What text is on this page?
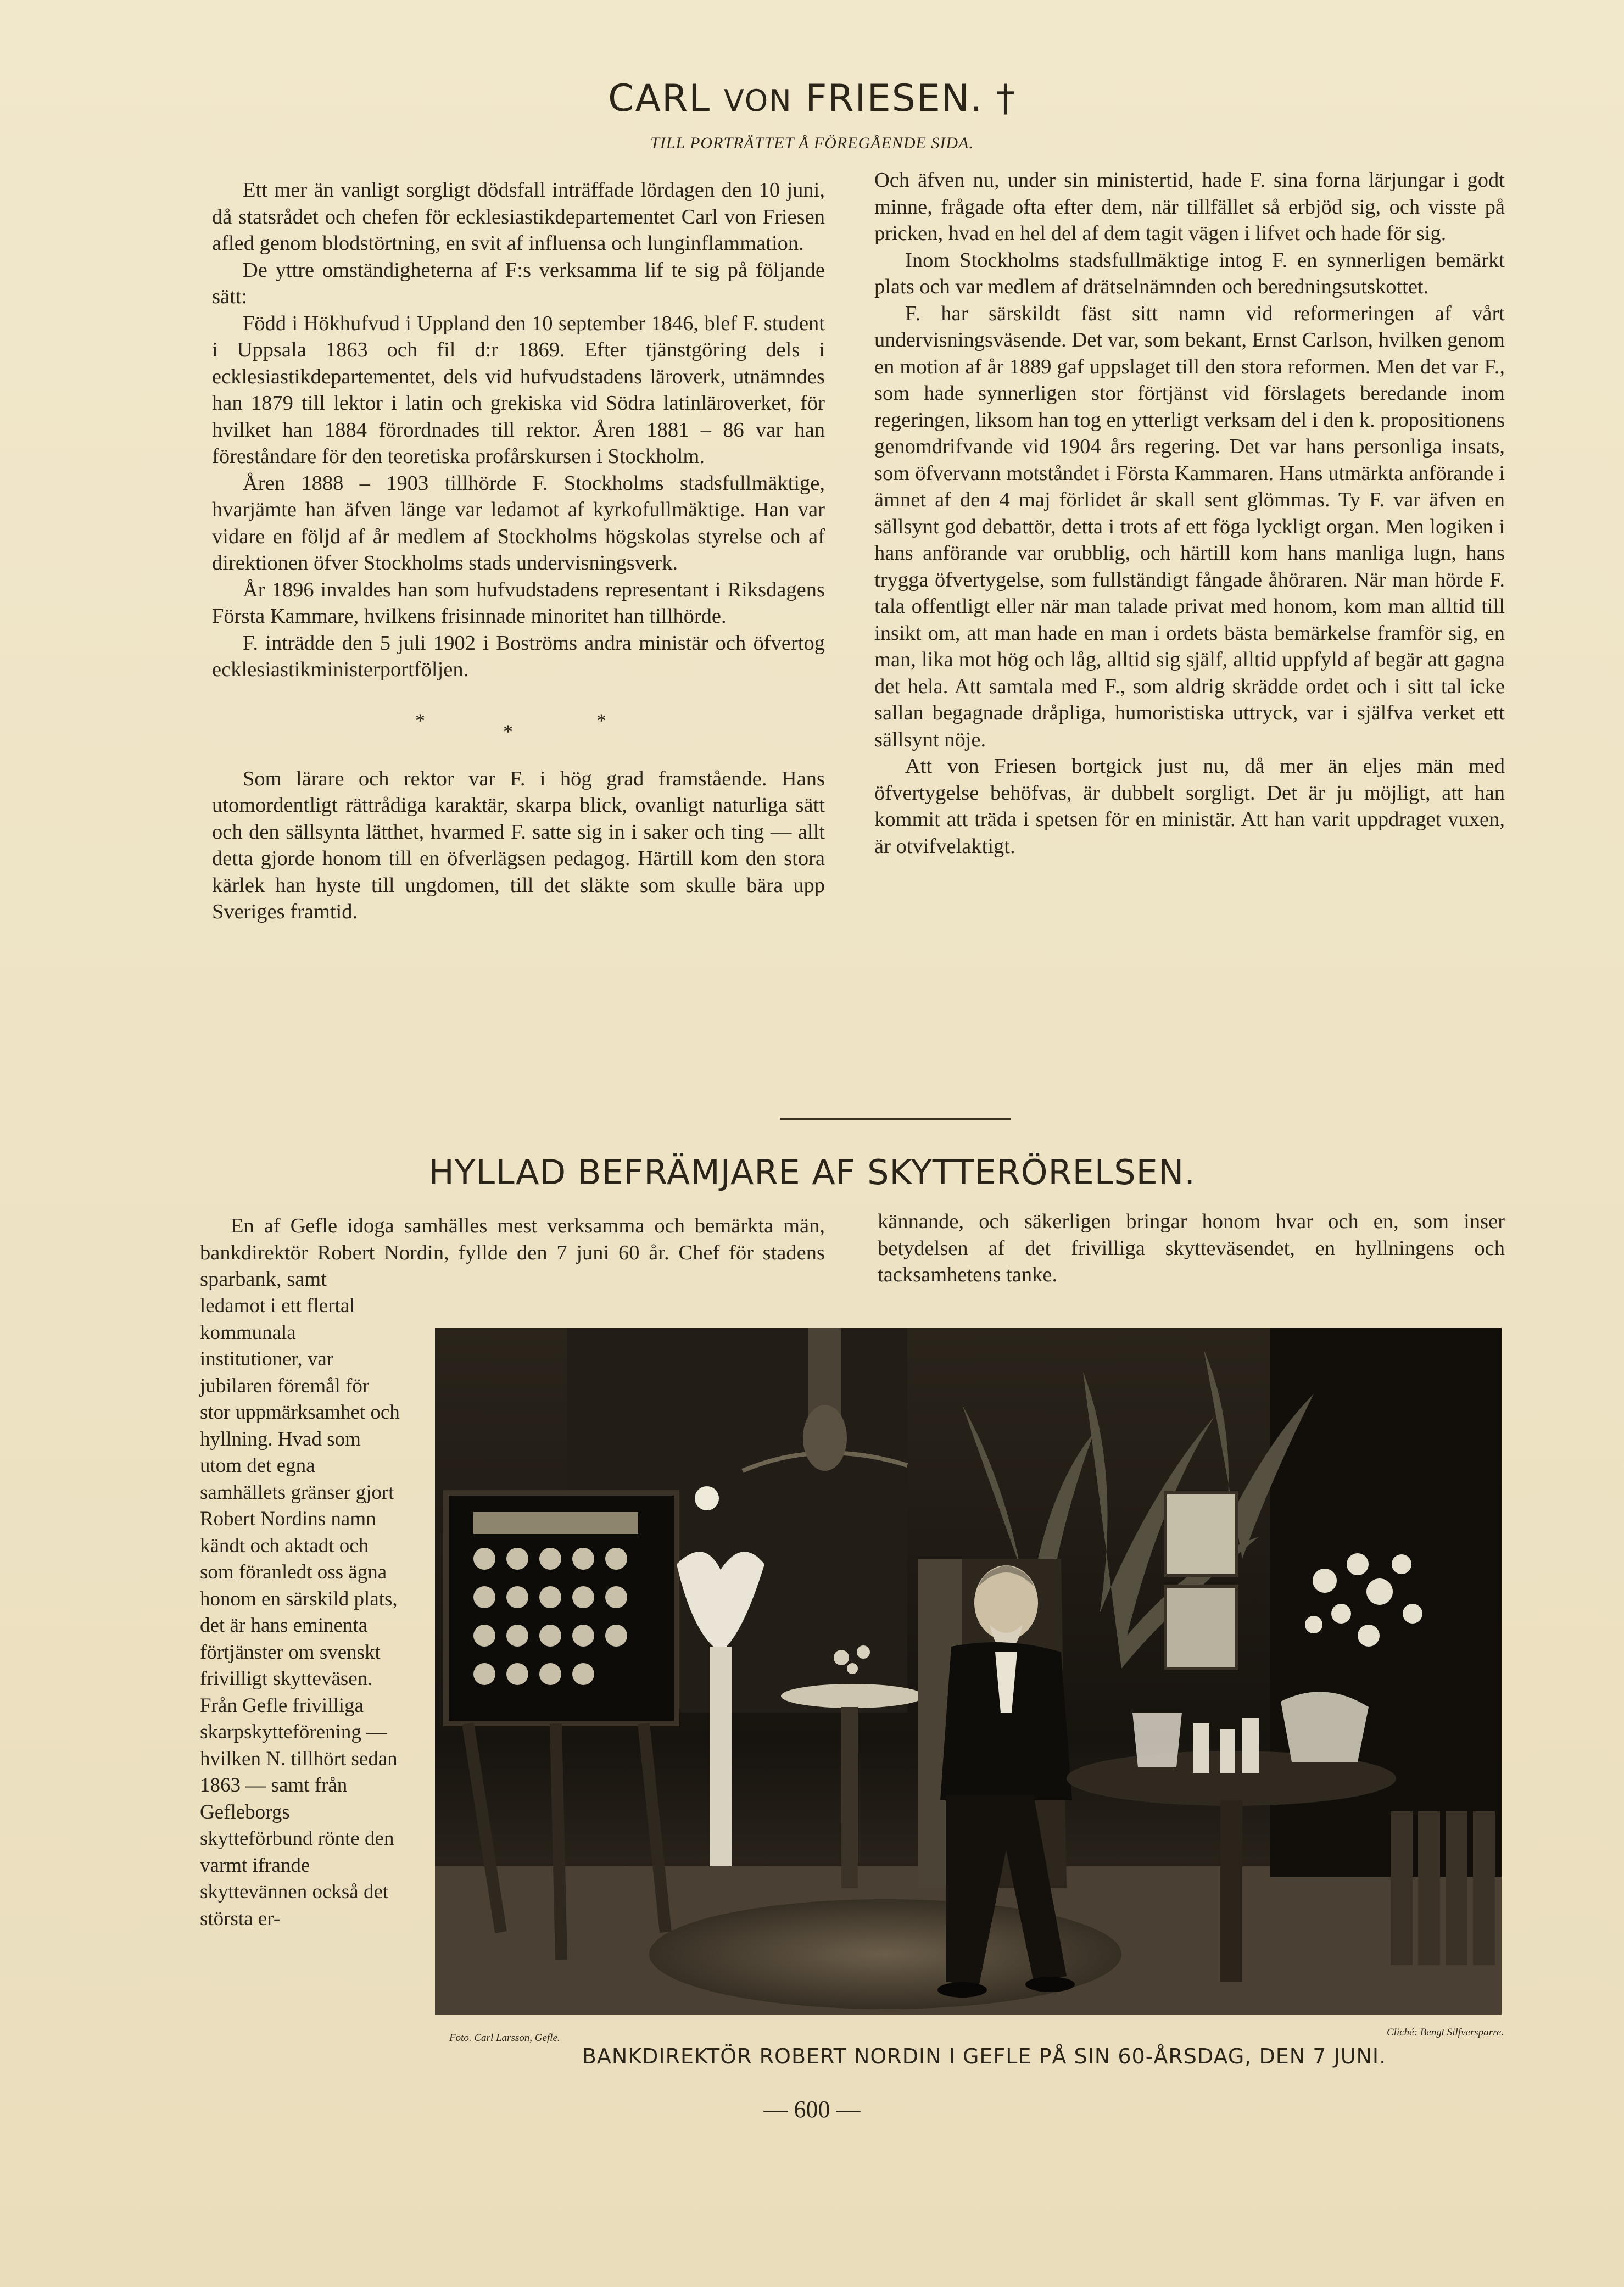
CARL VON FRIESEN. †
TILL PORTRÄTTET Å FÖREGÅENDE SIDA.

Ett mer än vanligt sorgligt dödsfall inträffade lördagen den 10 juni, då statsrådet och chefen för ecklesiastikdepartementet Carl von Friesen afled genom blodstörtning, en svit af influensa och lunginflammation.

De yttre omständigheterna af F:s verksamma lif te sig på följande sätt:

Född i Hökhufvud i Uppland den 10 september 1846, blef F. student i Uppsala 1863 och fil d:r 1869. Efter tjänstgöring dels i ecklesiastikdepartementet, dels vid hufvudstadens läroverk, utnämndes han 1879 till lektor i latin och grekiska vid Södra latinläroverket, för hvilket han 1884 förordnades till rektor. Åren 1881 – 86 var han föreståndare för den teoretiska profårskursen i Stockholm.

Åren 1888 – 1903 tillhörde F. Stockholms stadsfullmäktige, hvarjämte han äfven länge var ledamot af kyrkofullmäktige. Han var vidare en följd af år medlem af Stockholms högskolas styrelse och af direktionen öfver Stockholms stads undervisningsverk.

År 1896 invaldes han som hufvudstadens representant i Riksdagens Första Kammare, hvilkens frisinnade minoritet han tillhörde.

F. inträdde den 5 juli 1902 i Boströms andra ministär och öfvertog ecklesiastikministerportföljen.

* * *

Som lärare och rektor var F. i hög grad framstående. Hans utomordentligt rättrådiga karaktär, skarpa blick, ovanligt naturliga sätt och den sällsynta lätthet, hvarmed F. satte sig in i saker och ting — allt detta gjorde honom till en öfverlägsen pedagog. Härtill kom den stora kärlek han hyste till ungdomen, till det släkte som skulle bära upp Sveriges framtid.

Och äfven nu, under sin ministertid, hade F. sina forna lärjungar i godt minne, frågade ofta efter dem, när tillfället så erbjöd sig, och visste på pricken, hvad en hel del af dem tagit vägen i lifvet och hade för sig.

Inom Stockholms stadsfullmäktige intog F. en synnerligen bemärkt plats och var medlem af drätselnämnden och beredningsutskottet.

F. har särskildt fäst sitt namn vid reformeringen af vårt undervisningsväsende. Det var, som bekant, Ernst Carlson, hvilken genom en motion af år 1889 gaf uppslaget till den stora reformen. Men det var F., som hade synnerligen stor förtjänst vid förslagets beredande inom regeringen, liksom han tog en ytterligt verksam del i den k. propositionens genomdrifvande vid 1904 års regering. Det var hans personliga insats, som öfvervann motståndet i Första Kammaren. Hans utmärkta anförande i ämnet af den 4 maj förlidet år skall sent glömmas. Ty F. var äfven en sällsynt god debattör, detta i trots af ett föga lyckligt organ. Men logiken i hans anförande var orubblig, och härtill kom hans manliga lugn, hans trygga öfvertygelse, som fullständigt fångade åhöraren. När man hörde F. tala offentligt eller när man talade privat med honom, kom man alltid till insikt om, att man hade en man i ordets bästa bemärkelse framför sig, en man, lika mot hög och låg, alltid sig själf, alltid uppfyld af begär att gagna det hela. Att samtala med F., som aldrig skrädde ordet och i sitt tal icke sallan begagnade dråpliga, humoristiska uttryck, var i själfva verket ett sällsynt nöje.

Att von Friesen bortgick just nu, då mer än eljes män med öfvertygelse behöfvas, är dubbelt sorgligt. Det är ju möjligt, att han kommit att träda i spetsen för en ministär. Att han varit uppdraget vuxen, är otvifvelaktigt.

HYLLAD BEFRÄMJARE AF SKYTTERÖRELSEN.

En af Gefle idoga samhälles mest verksamma och bemärkta män, bankdirektör Robert Nordin, fyllde den 7 juni 60 år. Chef för stadens sparbank, samt

kännande, och säkerligen bringar honom hvar och en, som inser betydelsen af det frivilliga skytteväsendet, en hyllningens och tacksamhetens tanke.

ledamot i ett flertal kommunala institutioner, var jubilaren föremål för stor uppmärksamhet och hyllning. Hvad som utom det egna samhällets gränser gjort Robert Nordins namn kändt och aktadt och som föranledt oss ägna honom en särskild plats, det är hans eminenta förtjänster om svenskt frivilligt skytteväsen. Från Gefle frivilliga skarpskytteförening — hvilken N. tillhört sedan 1863 — samt från Gefleborgs skytteförbund rönte den varmt ifrande skyttevännen också det största er-

Foto. Carl Larsson, Gefle.	Cliché: Bengt Silfversparre.
BANKDIREKTÖR ROBERT NORDIN I GEFLE PÅ SIN 60-ÅRSDAG, DEN 7 JUNI.
— 600 —
